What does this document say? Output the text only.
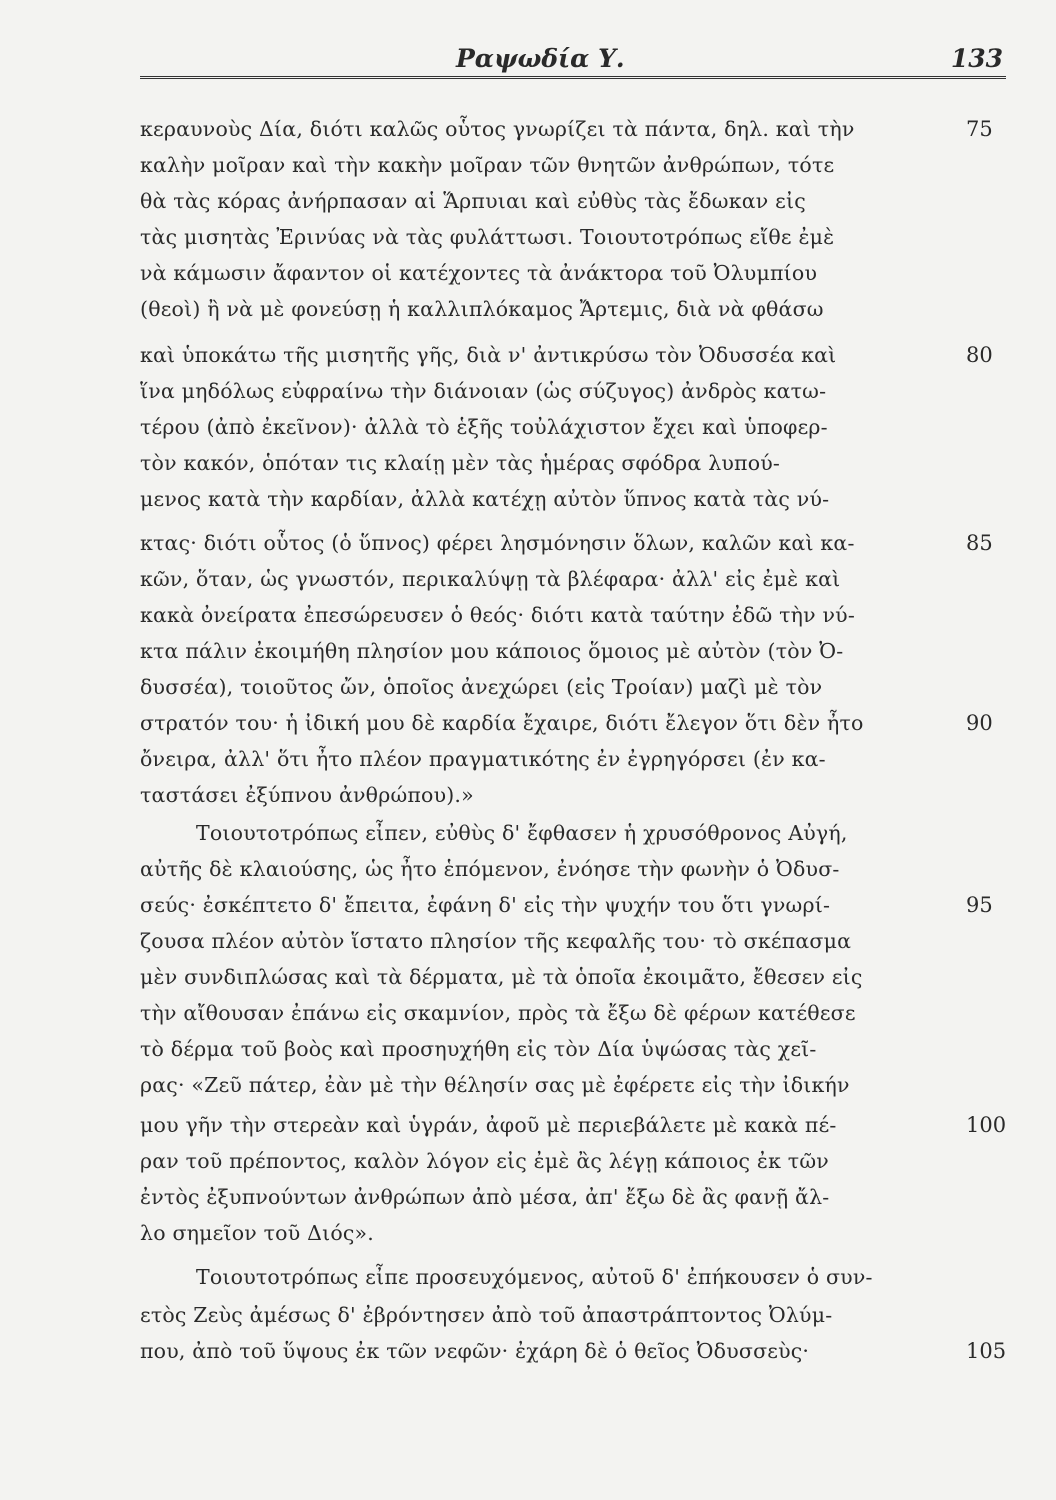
Ραψωδία Υ.	133
κεραυνοὺς Δία, διότι καλῶς οὗτος γνωρίζει τὰ πάντα, δηλ. καὶ τὴν
καλὴν μοῖραν καὶ τὴν κακὴν μοῖραν τῶν θνητῶν ἀνθρώπων, τότε
θὰ τὰς κόρας ἀνήρπασαν αἱ Ἅρπυιαι καὶ εὐθὺς τὰς ἔδωκαν εἰς
τὰς μισητὰς Ἐρινύας νὰ τὰς φυλάττωσι. Τοιουτοτρόπως εἴθε ἐμὲ
νὰ κάμωσιν ἄφαντον οἱ κατέχοντες τὰ ἀνάκτορα τοῦ Ὀλυμπίου
(θεοὶ) ἢ νὰ μὲ φονεύσῃ ἡ καλλιπλόκαμος Ἄρτεμις, διὰ νὰ φθάσω
καὶ ὑποκάτω τῆς μισητῆς γῆς, διὰ ν' ἀντικρύσω τὸν Ὀδυσσέα καὶ
ἵνα μηδόλως εὐφραίνω τὴν διάνοιαν (ὡς σύζυγος) ἀνδρὸς κατω-
τέρου (ἀπὸ ἐκεῖνον)· ἀλλὰ τὸ ἑξῆς τοὐλάχιστον ἔχει καὶ ὑποφερ-
τὸν κακόν, ὁπόταν τις κλαίῃ μὲν τὰς ἡμέρας σφόδρα λυπού-
μενος κατὰ τὴν καρδίαν, ἀλλὰ κατέχῃ αὐτὸν ὕπνος κατὰ τὰς νύ-
κτας· διότι οὗτος (ὁ ὕπνος) φέρει λησμόνησιν ὅλων, καλῶν καὶ κα-
κῶν, ὅταν, ὡς γνωστόν, περικαλύψῃ τὰ βλέφαρα· ἀλλ' εἰς ἐμὲ καὶ
κακὰ ὀνείρατα ἐπεσώρευσεν ὁ θεός· διότι κατὰ ταύτην ἐδῶ τὴν νύ-
κτα πάλιν ἐκοιμήθη πλησίον μου κάποιος ὅμοιος μὲ αὐτὸν (τὸν Ὀ-
δυσσέα), τοιοῦτος ὤν, ὁποῖος ἀνεχώρει (εἰς Τροίαν) μαζὶ μὲ τὸν
στρατόν του· ἡ ἰδική μου δὲ καρδία ἔχαιρε, διότι ἔλεγον ὅτι δὲν ἦτο
ὄνειρα, ἀλλ' ὅτι ἦτο πλέον πραγματικότης ἐν ἐγρηγόρσει (ἐν κα-
ταστάσει ἐξύπνου ἀνθρώπου).»
Τοιουτοτρόπως εἶπεν, εὐθὺς δ' ἔφθασεν ἡ χρυσόθρονος Αὐγή,
αὐτῆς δὲ κλαιούσης, ὡς ἦτο ἑπόμενον, ἐνόησε τὴν φωνὴν ὁ Ὀδυσ-
σεύς· ἐσκέπτετο δ' ἔπειτα, ἐφάνη δ' εἰς τὴν ψυχήν του ὅτι γνωρί-
ζουσα πλέον αὐτὸν ἵστατο πλησίον τῆς κεφαλῆς του· τὸ σκέπασμα
μὲν συνδιπλώσας καὶ τὰ δέρματα, μὲ τὰ ὁποῖα ἐκοιμᾶτο, ἔθεσεν εἰς
τὴν αἴθουσαν ἐπάνω εἰς σκαμνίον, πρὸς τὰ ἔξω δὲ φέρων κατέθεσε
τὸ δέρμα τοῦ βοὸς καὶ προσηυχήθη εἰς τὸν Δία ὑψώσας τὰς χεῖ-
ρας· «Ζεῦ πάτερ, ἐὰν μὲ τὴν θέλησίν σας μὲ ἐφέρετε εἰς τὴν ἰδικήν
μου γῆν τὴν στερεὰν καὶ ὑγράν, ἀφοῦ μὲ περιεβάλετε μὲ κακὰ πέ-
ραν τοῦ πρέποντος, καλὸν λόγον εἰς ἐμὲ ἂς λέγῃ κάποιος ἐκ τῶν
ἐντὸς ἐξυπνούντων ἀνθρώπων ἀπὸ μέσα, ἀπ' ἔξω δὲ ἂς φανῇ ἄλ-
λο σημεῖον τοῦ Διός».
Τοιουτοτρόπως εἶπε προσευχόμενος, αὐτοῦ δ' ἐπήκουσεν ὁ συν-
ετὸς Ζεὺς ἀμέσως δ' ἐβρόντησεν ἀπὸ τοῦ ἀπαστράπτοντος Ὀλύμ-
που, ἀπὸ τοῦ ὕψους ἐκ τῶν νεφῶν· ἐχάρη δὲ ὁ θεῖος Ὀδυσσεὺς·
75
80
85
90
95
100
105
